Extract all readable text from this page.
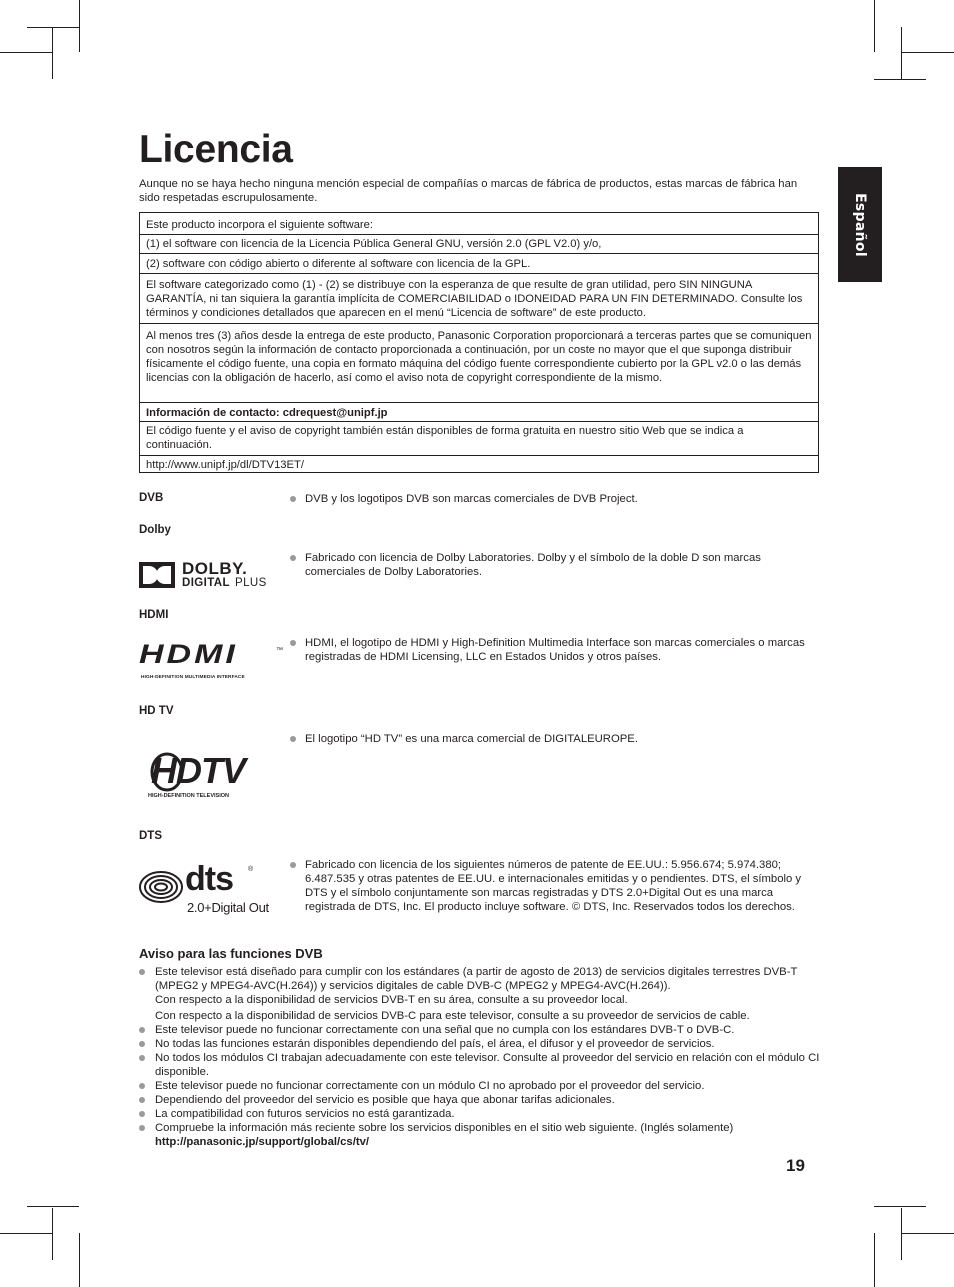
Español
Licencia

Aunque no se haya hecho ninguna mención especial de compañías o marcas de fábrica de productos, estas marcas de fábrica han sido respetadas escrupulosamente.

Este producto incorpora el siguiente software:

(1) el software con licencia de la Licencia Pública General GNU, versión 2.0 (GPL V2.0) y/o,

(2) software con código abierto o diferente al software con licencia de la GPL.

El software categorizado como (1) - (2) se distribuye con la esperanza de que resulte de gran utilidad, pero SIN NINGUNA GARANTÍA, ni tan siquiera la garantía implícita de COMERCIABILIDAD o IDONEIDAD PARA UN FIN DETERMINADO. Consulte los términos y condiciones detallados que aparecen en el menú “Licencia de software” de este producto.

Al menos tres (3) años desde la entrega de este producto, Panasonic Corporation proporcionará a terceras partes que se comuniquen con nosotros según la información de contacto proporcionada a continuación, por un coste no mayor que el que suponga distribuir físicamente el código fuente, una copia en formato máquina del código fuente correspondiente cubierto por la GPL v2.0 o las demás licencias con la obligación de hacerlo, así como el aviso nota de copyright correspondiente de la mismo.

Información de contacto: cdrequest@unipf.jp

El código fuente y el aviso de copyright también están disponibles de forma gratuita en nuestro sitio Web que se indica a continuación.

http://www.unipf.jp/dl/DTV13ET/

DVB	DVB y los logotipos DVB son marcas comerciales de DVB Project.

Dolby

DOLBY.
DIGITAL PLUS

Fabricado con licencia de Dolby Laboratories. Dolby y el símbolo de la doble D son marcas comerciales de Dolby Laboratories.

HDMI

HDMI	™
HIGH-DEFINITION MULTIMEDIA INTERFACE

HDMI, el logotipo de HDMI y High-Definition Multimedia Interface son marcas comerciales o marcas registradas de HDMI Licensing, LLC en Estados Unidos y otros países.

HD TV

HDTV
HIGH-DEFINITION TELEVISION

El logotipo “HD TV” es una marca comercial de DIGITALEUROPE.

DTS

dts ®
2.0+Digital Out

Fabricado con licencia de los siguientes números de patente de EE.UU.: 5.956.674; 5.974.380; 6.487.535 y otras patentes de EE.UU. e internacionales emitidas y o pendientes. DTS, el símbolo y DTS y el símbolo conjuntamente son marcas registradas y DTS 2.0+Digital Out es una marca registrada de DTS, Inc. El producto incluye software. © DTS, Inc. Reservados todos los derechos.

Aviso para las funciones DVB
Este televisor está diseñado para cumplir con los estándares (a partir de agosto de 2013) de servicios digitales terrestres DVB-T (MPEG2 y MPEG4-AVC(H.264)) y servicios digitales de cable DVB-C (MPEG2 y MPEG4-AVC(H.264)).
Con respecto a la disponibilidad de servicios DVB-T en su área, consulte a su proveedor local.
Con respecto a la disponibilidad de servicios DVB-C para este televisor, consulte a su proveedor de servicios de cable.
Este televisor puede no funcionar correctamente con una señal que no cumpla con los estándares DVB-T o DVB-C.
No todas las funciones estarán disponibles dependiendo del país, el área, el difusor y el proveedor de servicios.
No todos los módulos CI trabajan adecuadamente con este televisor. Consulte al proveedor del servicio en relación con el módulo CI disponible.
Este televisor puede no funcionar correctamente con un módulo CI no aprobado por el proveedor del servicio.
Dependiendo del proveedor del servicio es posible que haya que abonar tarifas adicionales.
La compatibilidad con futuros servicios no está garantizada.
Compruebe la información más reciente sobre los servicios disponibles en el sitio web siguiente. (Inglés solamente)
http://panasonic.jp/support/global/cs/tv/

19
